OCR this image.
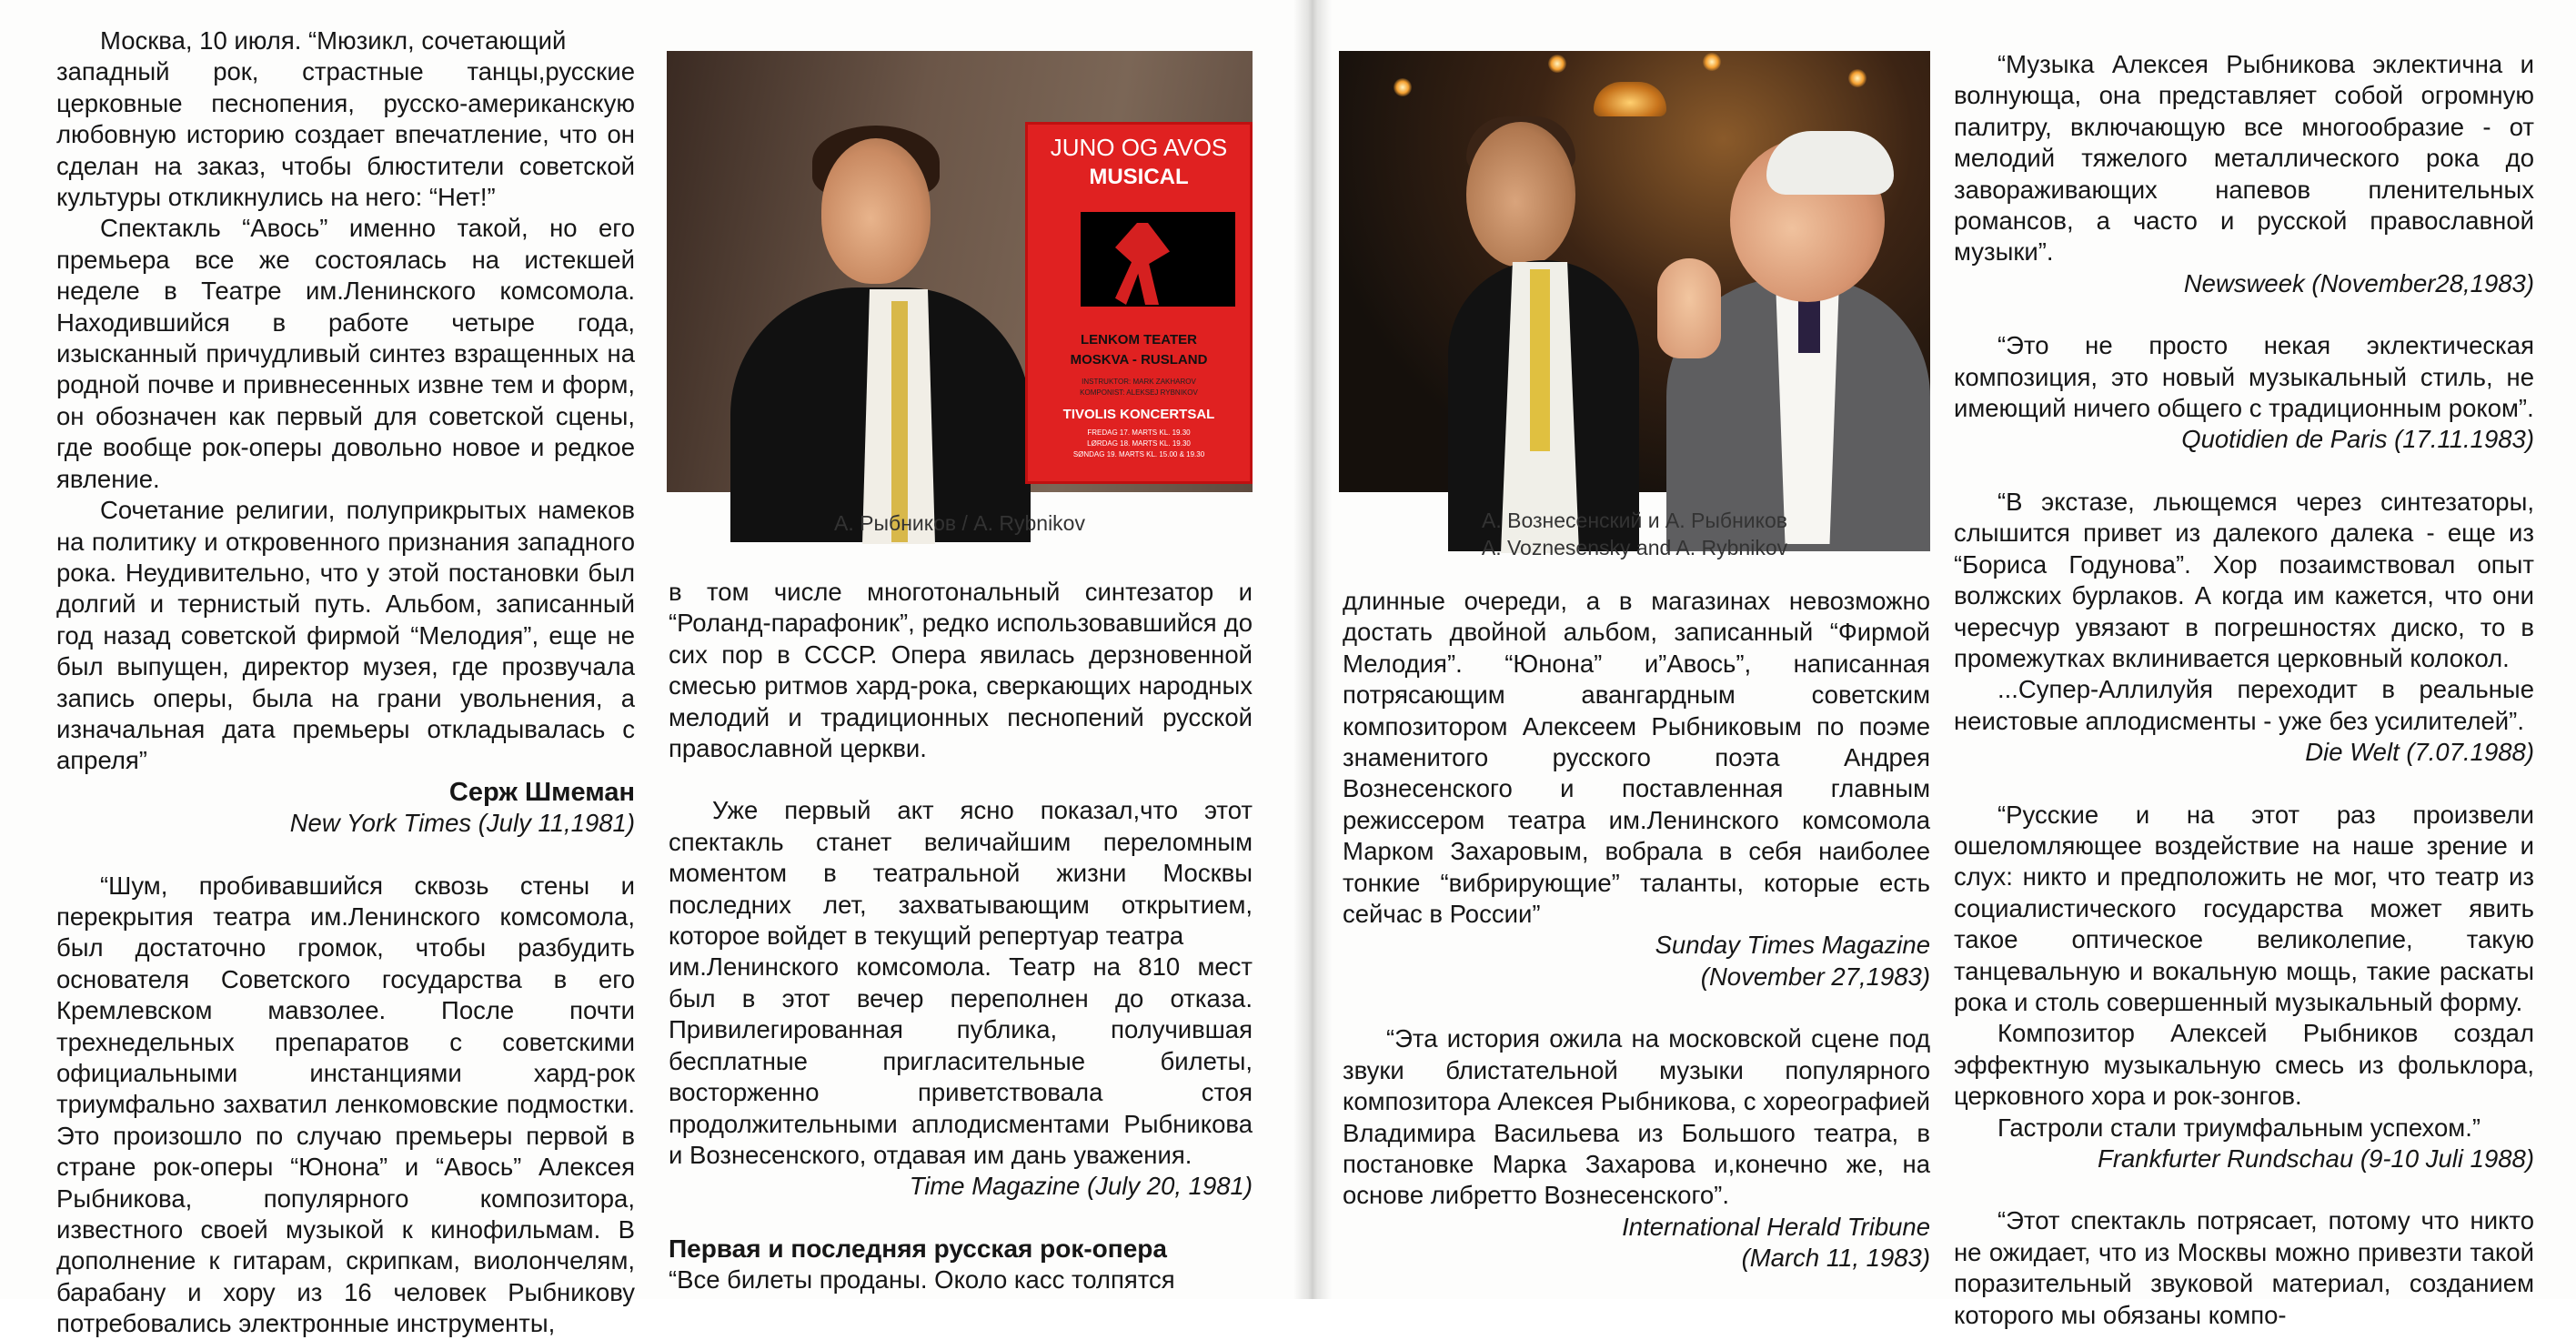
Москва, 10 июля. “Мюзикл, сочетающий

западный рок, страстные танцы,русские церковные песнопения, русско-американскую любовную историю создает впечатление, что он сделан на заказ, чтобы блюстители советской культуры откликнулись на него: “Нет!”

Спектакль “Авось” именно такой, но его премьера все же состоялась на истекшей неделе в Театре им.Ленинского комсомола. Находившийся в работе четыре года, изысканный причудливый синтез взращенных на родной почве и привнесенных извне тем и форм, он обозначен как первый для советской сцены, где вообще рок-оперы довольно новое и редкое явление.

Сочетание религии, полуприкрытых намеков на политику и откровенного признания западного рока. Неудивительно, что у этой постановки был долгий и тернистый путь. Альбом, записанный год назад советской фирмой “Мелодия”, еще не был выпущен, директор музея, где прозвучала запись оперы, была на грани увольнения, а изначальная дата премьеры откладывалась с апреля”

Серж Шмеман

New York Times (July 11,1981)

“Шум, пробивавшийся сквозь стены и перекрытия театра им.Ленинского комсомола, был достаточно громок, чтобы разбудить основателя Советского государства в его Кремлевском мавзолее. После почти трехнедельных препаратов с советскими официальными инстанциями хард-рок триумфально захватил ленкомовские подмостки. Это произошло по случаю премьеры первой в стране рок-оперы “Юнона” и “Авось” Алексея Рыбникова, популярного композитора, известного своей музыкой к кинофильмам. В дополнение к гитарам, скрипкам, виолончелям, барабану и хору из 16 человек Рыбникову потребовались электронные инструменты,

JUNO OG AVOS
MUSICAL
LENKOM TEATER
MOSKVA - RUSLAND
INSTRUKTOR: MARK ZAKHAROV
KOMPONIST: ALEKSEJ RYBNIKOV
TIVOLIS KONCERTSAL
FREDAG 17. MARTS KL. 19.30
LØRDAG 18. MARTS KL. 19.30
SØNDAG 19. MARTS KL. 15.00 & 19.30
А. Рыбников / A. Rybnikov

в том числе многотональный синтезатор и “Роланд-парафоник”, редко использовавшийся до сих пор в СССР. Опера явилась дерзновенной смесью ритмов хард-рока, сверкающих народных мелодий и традиционных песнопений русской православной церкви.

Уже первый акт ясно показал,что этот спектакль станет величайшим переломным моментом в театральной жизни Москвы последних лет, захватывающим открытием, которое войдет в текущий репертуар театра

им.Ленинского комсомола. Театр на 810 мест был в этот вечер переполнен до отказа. Привилегированная публика, получившая бесплатные пригласительные билеты, восторженно приветствовала стоя продолжительными аплодисментами Рыбникова и Вознесенского, отдавая им дань уважения.

Time Magazine (July 20, 1981)

Первая и последняя русская рок-опера

“Все билеты проданы. Около касс толпятся

А. Вознесенский и А. Рыбников
A. Voznesensky and A. Rybnikov

длинные очереди, а в магазинах невозможно достать двойной альбом, записанный “Фирмой Мелодия”. “Юнона” и”Авось”, написанная потрясающим авангардным советским композитором Алексеем Рыбниковым по поэме знаменитого русского поэта Андрея Вознесенского и поставленная главным режиссером театра им.Ленинского комсомола Марком Захаровым, вобрала в себя наиболее тонкие “вибрирующие” таланты, которые есть сейчас в России”

Sunday Times Magazine

(November 27,1983)

“Эта история ожила на московской сцене под звуки блистательной музыки популярного композитора Алексея Рыбникова, с хореографией Владимира Васильева из Большого театра, в постановке Марка Захарова и,конечно же, на основе либретто Вознесенского”.

International Herald Tribune

(March 11, 1983)

“Музыка Алексея Рыбникова эклектична и волнующа, она представляет собой огромную палитру, включающую все многообразие - от мелодий тяжелого металлического рока до завораживающих напевов пленительных романсов, а часто и русской православной музыки”.

Newsweek (November28,1983)

“Это не просто некая эклектическая композиция, это новый музыкальный стиль, не имеющий ничего общего с традиционным роком”.

Quotidien de Paris (17.11.1983)

“В экстазе, льющемся через синтезаторы, слышится привет из далекого далека - еще из “Бориса Годунова”. Хор позаимствовал опыт волжских бурлаков. А когда им кажется, что они чересчур увязают в погрешностях диско, то в промежутках вклинивается церковный колокол.

...Супер-Аллилуйя переходит в реальные неистовые аплодисменты - уже без усилителей”.

Die Welt (7.07.1988)

“Русские и на этот раз произвели ошеломляющее воздействие на наше зрение и слух: никто и предположить не мог, что театр из социалистического государства может явить такое оптическое великолепие, такую танцевальную и вокальную мощь, такие раскаты рока и столь совершенный музыкальный форму.

Композитор Алексей Рыбников создал эффектную музыкальную смесь из фольклора, церковного хора и рок-зонгов.

Гастроли стали триумфальным успехом.”

Frankfurter Rundschau (9-10 Juli 1988)

“Этот спектакль потрясает, потому что никто не ожидает, что из Москвы можно привезти такой поразительный звуковой материал, созданием которого мы обязаны компо-
